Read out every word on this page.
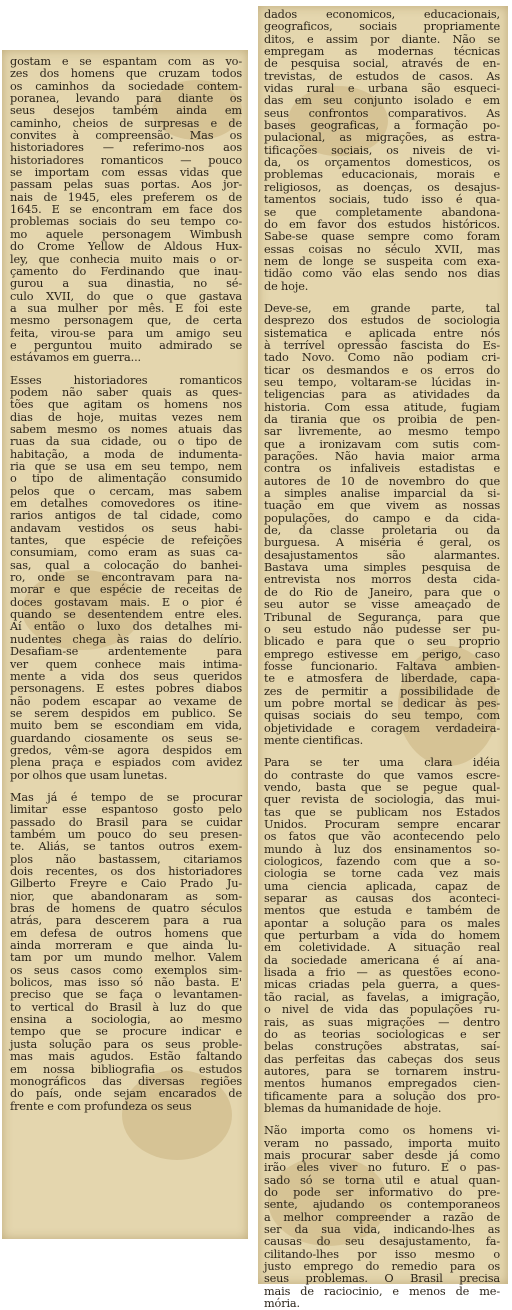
gostam e se espantam com as vo-
zes dos homens que cruzam todos
os caminhos da sociedade contem-
poranea, levando para diante os
seus desejos também ainda em
caminho, cheios de surpresas e de
convites à compreensão. Mas os
historiadores — referimo-nos aos
historiadores romanticos — pouco
se importam com essas vidas que
passam pelas suas portas. Aos jor-
nais de 1945, eles preferem os de
1645. E se encontram em face dos
problemas sociais do seu tempo co-
mo aquele personagem Wimbush
do Crome Yellow de Aldous Hux-
ley, que conhecia muito mais o or-
çamento do Ferdinando que inau-
gurou a sua dinastia, no sé-
culo XVII, do que o que gastava
a sua mulher por mês. E foi este
mesmo personagem que, de certa
feita, virou-se para um amigo seu
e perguntou muito admirado se
estávamos em guerra...
Esses historiadores romanticos
podem não saber quais as ques-
tões que agitam os homens nos
dias de hoje, muitas vezes nem
sabem mesmo os nomes atuais das
ruas da sua cidade, ou o tipo de
habitação, a moda de indumenta-
ria que se usa em seu tempo, nem
o tipo de alimentação consumido
pelos que o cercam, mas sabem
em detalhes comovedores os itine-
rarios antigos de tal cidade, como
andavam vestidos os seus habi-
tantes, que espécie de refeições
consumiam, como eram as suas ca-
sas, qual a colocação do banhei-
ro, onde se encontravam para na-
morar e que espécie de receitas de
doces gostavam mais. E o pior é
quando se desentendem entre eles.
Aí então o luxo dos detalhes mi-
nudentes chega às raias do delírio.
Desafiam-se ardentemente para
ver quem conhece mais intima-
mente a vida dos seus queridos
personagens. E estes pobres diabos
não podem escapar ao vexame de
se serem despidos em publico. Se
muito bem se escondiam em vida,
guardando ciosamente os seus se-
gredos, vêm-se agora despidos em
plena praça e espiados com avidez
por olhos que usam lunetas.
Mas já é tempo de se procurar
limitar esse espantoso gosto pelo
passado do Brasil para se cuidar
também um pouco do seu presen-
te. Aliás, se tantos outros exem-
plos não bastassem, citariamos
dois recentes, os dos historiadores
Gilberto Freyre e Caio Prado Ju-
nior, que abandonaram as som-
bras de homens de quatro séculos
atrás, para descerem para a rua
em defesa de outros homens que
ainda morreram e que ainda lu-
tam por um mundo melhor. Valem
os seus casos como exemplos sim-
bolicos, mas isso só não basta. E'
preciso que se faça o levantamen-
to vertical do Brasil à luz do que
ensina a sociologia, ao mesmo
tempo que se procure indicar e
justa solução para os seus proble-
mas mais agudos. Estão faltando
em nossa bibliografia os estudos
monográficos das diversas regiões
do país, onde sejam encarados de
frente e com profundeza os seus
dados economicos, educacionais,
geograficos, sociais propriamente
ditos, e assim por diante. Não se
empregam as modernas técnicas
de pesquisa social, através de en-
trevistas, de estudos de casos. As
vidas rural e urbana são esqueci-
das em seu conjunto isolado e em
seus confrontos comparativos. As
bases geograficas, a formação po-
pulacional, as migrações, as estra-
tificações sociais, os niveis de vi-
da, os orçamentos domesticos, os
problemas educacionais, morais e
religiosos, as doenças, os desajus-
tamentos sociais, tudo isso é qua-
se que completamente abandona-
do em favor dos estudos históricos.
Sabe-se quase sempre como foram
essas coisas no século XVII, mas
nem de longe se suspeita com exa-
tidão como vão elas sendo nos dias
de hoje.
Deve-se, em grande parte, tal
desprezo dos estudos de sociologia
sistematica e aplicada entre nós
à terrível opressão fascista do Es-
tado Novo. Como não podiam cri-
ticar os desmandos e os erros do
seu tempo, voltaram-se lúcidas in-
teligencias para as atividades da
historia. Com essa atitude, fugiam
da tirania que os proibia de pen-
sar livremente, ao mesmo tempo
que a ironizavam com sutis com-
parações. Não havia maior arma
contra os infaliveis estadistas e
autores de 10 de novembro do que
a simples analise imparcial da si-
tuação em que vivem as nossas
populações, do campo e da cida-
de, da classe proletaria ou da
burguesa. A miséria é geral, os
desajustamentos são alarmantes.
Bastava uma simples pesquisa de
entrevista nos morros desta cida-
de do Rio de Janeiro, para que o
seu autor se visse ameaçado de
Tribunal de Segurança, para que
o seu estudo não pudesse ser pu-
blicado e para que o seu proprio
emprego estivesse em perigo, caso
fosse funcionario. Faltava ambien-
te e atmosfera de liberdade, capa-
zes de permitir a possibilidade de
um pobre mortal se dedicar às pes-
quisas sociais do seu tempo, com
objetividade e coragem verdadeira-
mente cientificas.
Para se ter uma clara idéia
do contraste do que vamos escre-
vendo, basta que se pegue qual-
quer revista de sociologia, das mui-
tas que se publicam nos Estados
Unidos. Procuram sempre encarar
os fatos que vão acontecendo pelo
mundo à luz dos ensinamentos so-
ciologicos, fazendo com que a so-
ciologia se torne cada vez mais
uma ciencia aplicada, capaz de
separar as causas dos aconteci-
mentos que estuda e também de
apontar a solução para os males
que perturbam a vida do homem
em coletividade. A situação real
da sociedade americana é aí ana-
lisada a frio — as questões econo-
micas criadas pela guerra, a ques-
tão racial, as favelas, a imigração,
o nivel de vida das populações ru-
rais, as suas migrações — dentro
do as teorias sociologicas e ser
belas construções abstratas, saí-
das perfeitas das cabeças dos seus
autores, para se tornarem instru-
mentos humanos empregados cien-
tificamente para a solução dos pro-
blemas da humanidade de hoje.
Não importa como os homens vi-
veram no passado, importa muito
mais procurar saber desde já como
irão eles viver no futuro. E o pas-
sado só se torna util e atual quan-
do pode ser informativo do pre-
sente, ajudando os contemporaneos
a melhor compreender a razão de
ser da sua vida, indicando-lhes as
causas do seu desajustamento, fa-
cilitando-lhes por isso mesmo o
justo emprego do remedio para os
seus problemas. O Brasil precisa
mais de raciocinio, e menos de me-
mória.
